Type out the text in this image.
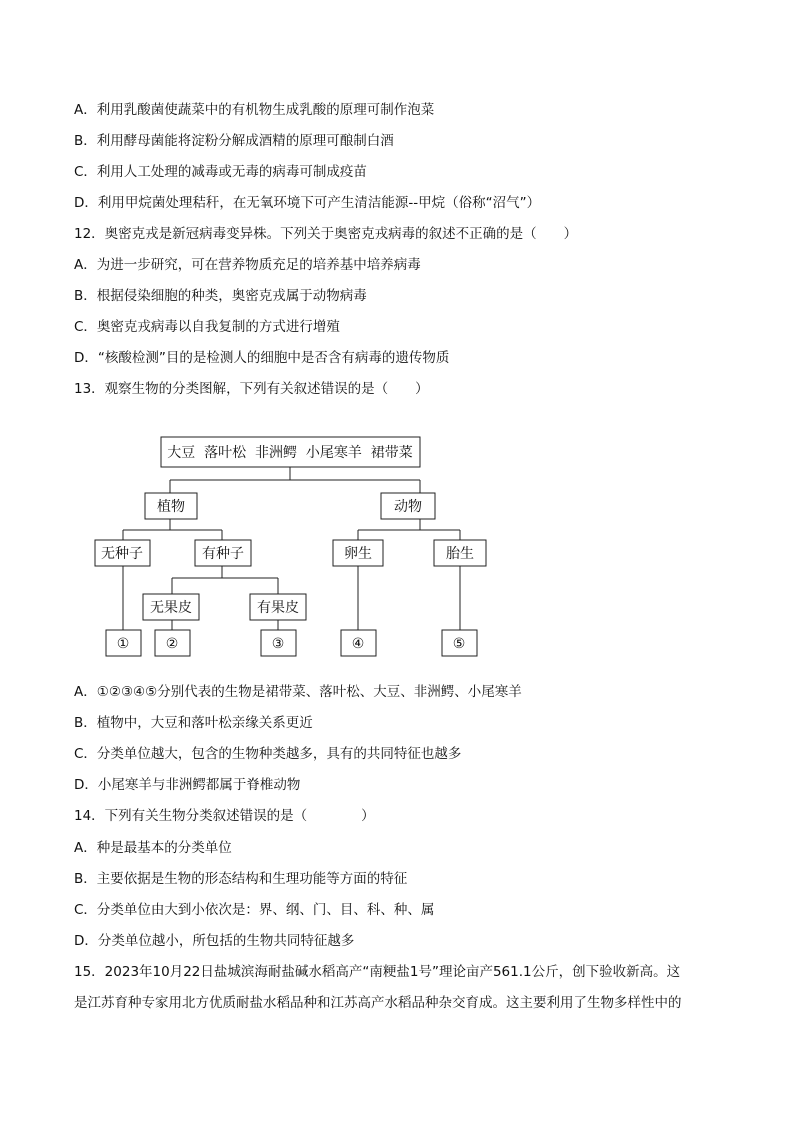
A．利用乳酸菌使蔬菜中的有机物生成乳酸的原理可制作泡菜
B．利用酵母菌能将淀粉分解成酒精的原理可酿制白酒
C．利用人工处理的减毒或无毒的病毒可制成疫苗
D．利用甲烷菌处理秸秆，在无氧环境下可产生清洁能源--甲烷（俗称“沼气”）
12．奥密克戎是新冠病毒变异株。下列关于奥密克戎病毒的叙述不正确的是（　　）
A．为进一步研究，可在营养物质充足的培养基中培养病毒
B．根据侵染细胞的种类，奥密克戎属于动物病毒
C．奥密克戎病毒以自我复制的方式进行增殖
D．“核酸检测”目的是检测人的细胞中是否含有病毒的遗传物质
13．观察生物的分类图解，下列有关叙述错误的是（　　）
大豆  落叶松  非洲鳄  小尾寒羊  裙带菜
植物	动物
无种子	有种子	卵生	胎生
无果皮	有果皮
①	②	③	④	⑤
A．①②③④⑤分别代表的生物是裙带菜、落叶松、大豆、非洲鳄、小尾寒羊
B．植物中，大豆和落叶松亲缘关系更近
C．分类单位越大，包含的生物种类越多，具有的共同特征也越多
D．小尾寒羊与非洲鳄都属于脊椎动物
14．下列有关生物分类叙述错误的是（　　　　）
A．种是最基本的分类单位
B．主要依据是生物的形态结构和生理功能等方面的特征
C．分类单位由大到小依次是：界、纲、门、目、科、种、属
D．分类单位越小，所包括的生物共同特征越多
15．2023年10月22日盐城滨海耐盐碱水稻高产“南粳盐1号”理论亩产561.1公斤，创下验收新高。这
是江苏育种专家用北方优质耐盐水稻品种和江苏高产水稻品种杂交育成。这主要利用了生物多样性中的
